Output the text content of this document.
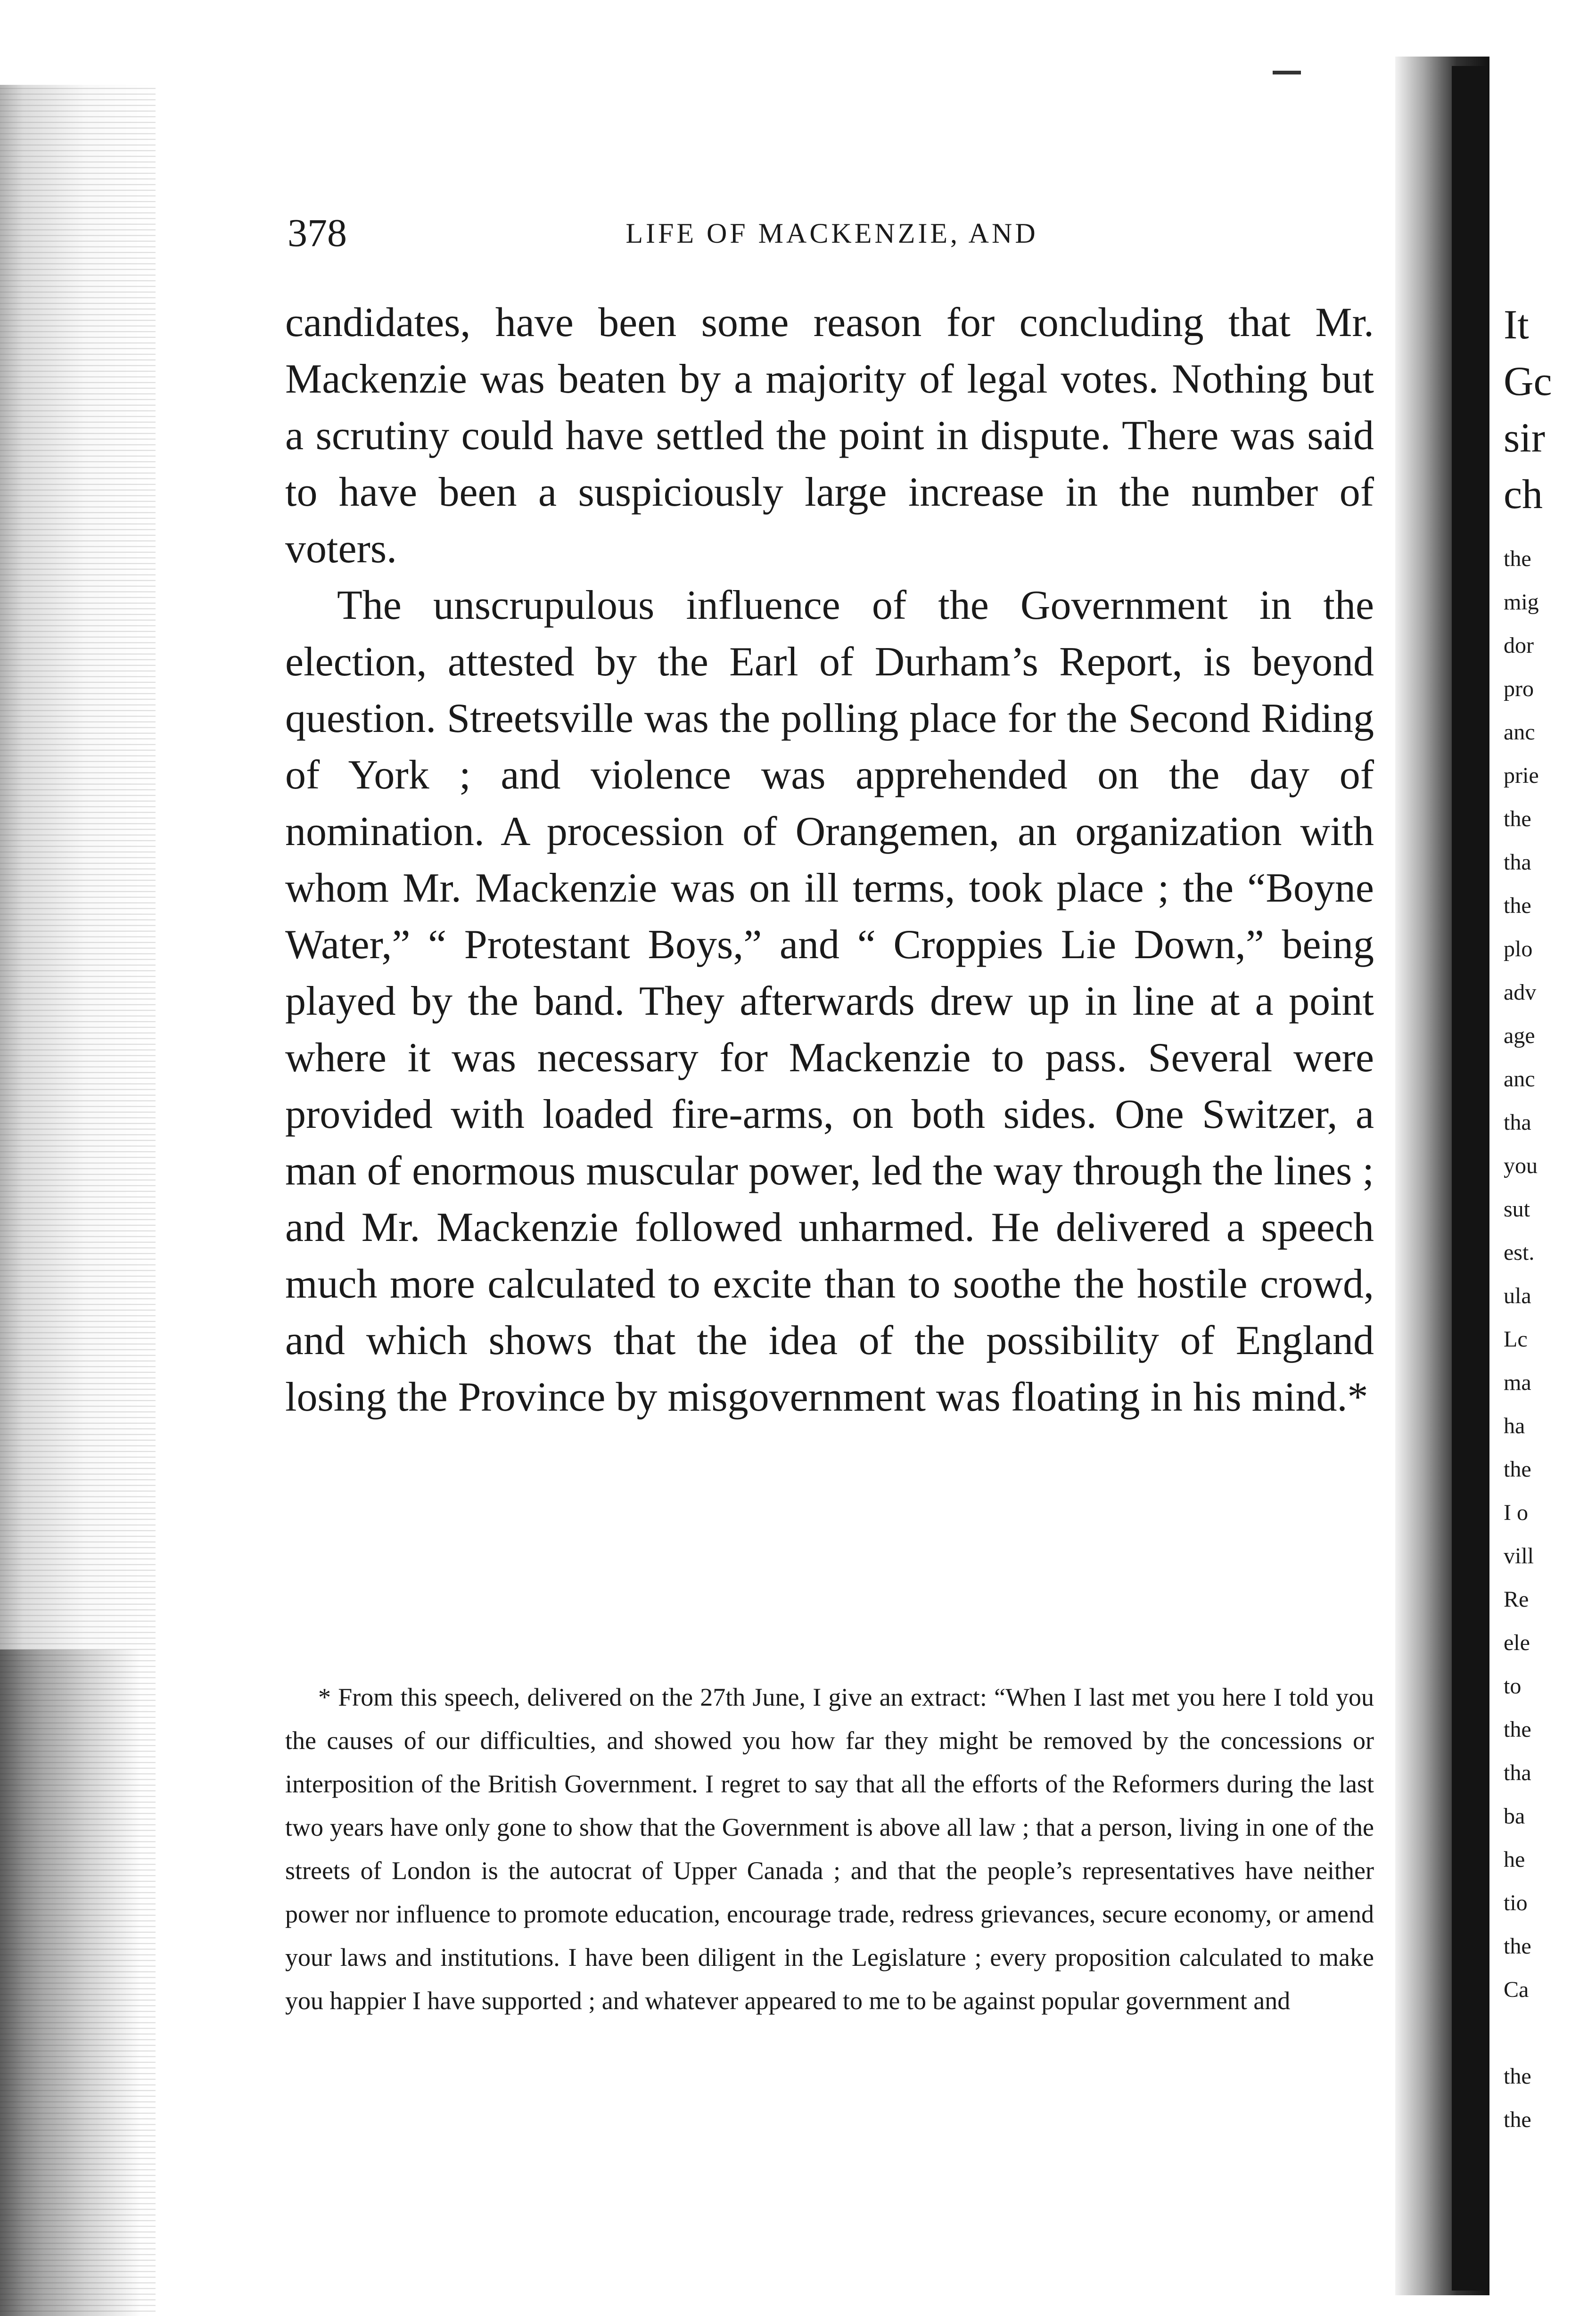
378	LIFE OF MACKENZIE, AND

candidates, have been some reason for concluding that Mr. Mackenzie was beaten by a majority of legal votes. Nothing but a scrutiny could have settled the point in dispute. There was said to have been a suspiciously large increase in the number of voters.

The unscrupulous influence of the Government in the election, attested by the Earl of Durham’s Report, is beyond question. Streetsville was the polling place for the Second Riding of York ; and violence was apprehended on the day of nomination. A procession of Orangemen, an organization with whom Mr. Mackenzie was on ill terms, took place ; the “Boyne Water,” “ Protestant Boys,” and “ Croppies Lie Down,” being played by the band. They afterwards drew up in line at a point where it was necessary for Mackenzie to pass. Several were provided with loaded fire-arms, on both sides. One Switzer, a man of enormous muscular power, led the way through the lines ; and Mr. Mackenzie followed unharmed. He delivered a speech much more calculated to excite than to soothe the hostile crowd, and which shows that the idea of the possibility of England losing the Province by misgovernment was floating in his mind.*

* From this speech, delivered on the 27th June, I give an extract: “When I last met you here I told you the causes of our difficulties, and showed you how far they might be removed by the concessions or interposition of the British Government. I regret to say that all the efforts of the Reformers during the last two years have only gone to show that the Government is above all law ; that a person, living in one of the streets of London is the autocrat of Upper Canada ; and that the people’s representatives have neither power nor influence to promote education, encourage trade, redress grievances, secure economy, or amend your laws and institutions. I have been diligent in the Legislature ; every proposition calculated to make you happier I have supported ; and whatever appeared to me to be against popular government and

It
Gc
sir
ch
the
mig
dor
pro
anc
prie
the
tha
the
plo
adv
age
anc
tha
you
sut
est.
ula
Lc
ma
ha
the
I o
vill
Re
ele
to
the
tha
ba
he
tio
the
Ca

the
the
